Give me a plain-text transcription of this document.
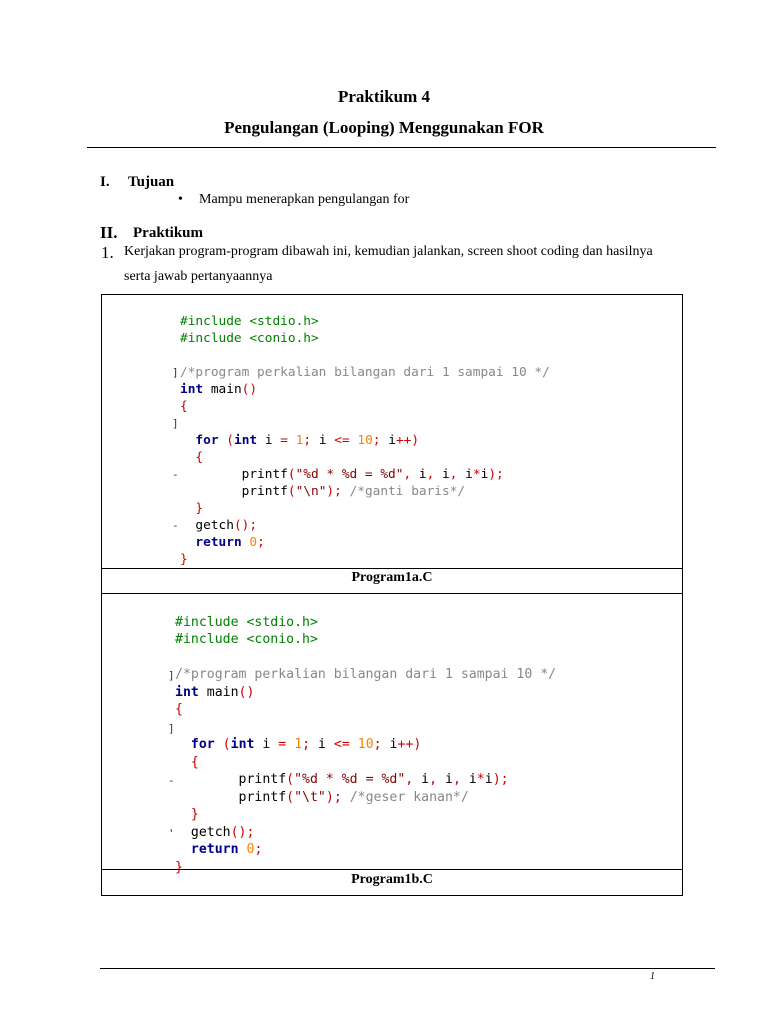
Praktikum 4
Pengulangan (Looping) Menggunakan FOR
I. Tujuan
• Mampu menerapkan pengulangan for
II. Praktikum
1. Kerjakan program-program dibawah ini, kemudian jalankan, screen shoot coding dan hasilnya
serta jawab pertanyaannya
Program1a.C
]

]

-

-

#include <stdio.h>
#include <conio.h>

/*program perkalian bilangan dari 1 sampai 10 */
int main()
{

for (int i = 1; i <= 10; i++)
{
printf("%d * %d = %d", i, i, i*i);
printf("\n"); /*ganti baris*/
}
getch();
return 0;
}

Program1b.C
]

]

-

'

#include <stdio.h>
#include <conio.h>

/*program perkalian bilangan dari 1 sampai 10 */
int main()
{

for (int i = 1; i <= 10; i++)
{
printf("%d * %d = %d", i, i, i*i);
printf("\t"); /*geser kanan*/
}
getch();
return 0;
}

1
